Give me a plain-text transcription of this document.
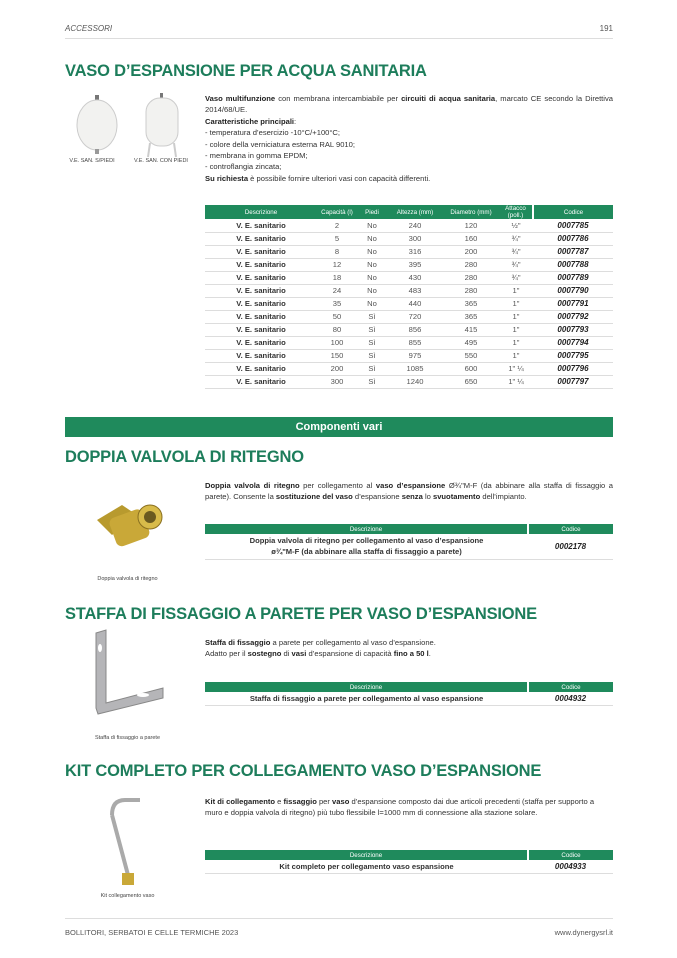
ACCESSORI	191
VASO D’ESPANSIONE PER ACQUA SANITARIA
V.E. SAN. S/PIEDI	V.E. SAN. CON PIEDI
Vaso multifunzione con membrana intercambiabile per circuiti di acqua sanitaria, marcato CE secondo la Direttiva 2014/68/UE.
Caratteristiche principali:
- temperatura d’esercizio -10°C/+100°C;
- colore della verniciatura esterna RAL 9010;
- membrana in gomma EPDM;
- controflangia zincata;
Su richiesta è possibile fornire ulteriori vasi con capacità differenti.
Descrizione	Capacità (l)	Piedi	Altezza (mm)	Diametro (mm)	Attacco (poll.)	Codice
V. E. sanitario	2	No	240	120	½"	0007785
V. E. sanitario	5	No	300	160	¾"	0007786
V. E. sanitario	8	No	316	200	¾"	0007787
V. E. sanitario	12	No	395	280	¾"	0007788
V. E. sanitario	18	No	430	280	¾"	0007789
V. E. sanitario	24	No	483	280	1"	0007790
V. E. sanitario	35	No	440	365	1"	0007791
V. E. sanitario	50	Sì	720	365	1"	0007792
V. E. sanitario	80	Sì	856	415	1"	0007793
V. E. sanitario	100	Sì	855	495	1"	0007794
V. E. sanitario	150	Sì	975	550	1"	0007795
V. E. sanitario	200	Sì	1085	600	1" ¼	0007796
V. E. sanitario	300	Sì	1240	650	1" ¼	0007797
Componenti vari
DOPPIA VALVOLA DI RITEGNO
Doppia valvola di ritegno
Doppia valvola di ritegno per collegamento al vaso d’espansione Ø¾"M-F (da abbinare alla staffa di fissaggio a parete). Consente la sostituzione del vaso d’espansione senza lo svuotamento dell’impianto.
Descrizione	Codice
Doppia valvola di ritegno per collegamento al vaso d’espansione
ø¾"M-F (da abbinare alla staffa di fissaggio a parete)	0002178
STAFFA DI FISSAGGIO A PARETE PER VASO D’ESPANSIONE
Staffa di fissaggio a parete
Staffa di fissaggio a parete per collegamento al vaso d’espansione.
Adatto per il sostegno di vasi d’espansione di capacità fino a 50 l.
Descrizione	Codice
Staffa di fissaggio a parete per collegamento al vaso espansione	0004932
KIT COMPLETO PER COLLEGAMENTO VASO D’ESPANSIONE
Kit collegamento vaso
Kit di collegamento e fissaggio per vaso d’espansione composto dai due articoli precedenti (staffa per supporto a muro e doppia valvola di ritegno) più tubo flessibile l=1000 mm di connessione alla stazione solare.
Descrizione	Codice
Kit completo per collegamento vaso espansione	0004933
BOLLITORI, SERBATOI E CELLE TERMICHE 2023	www.dynergysrl.it
